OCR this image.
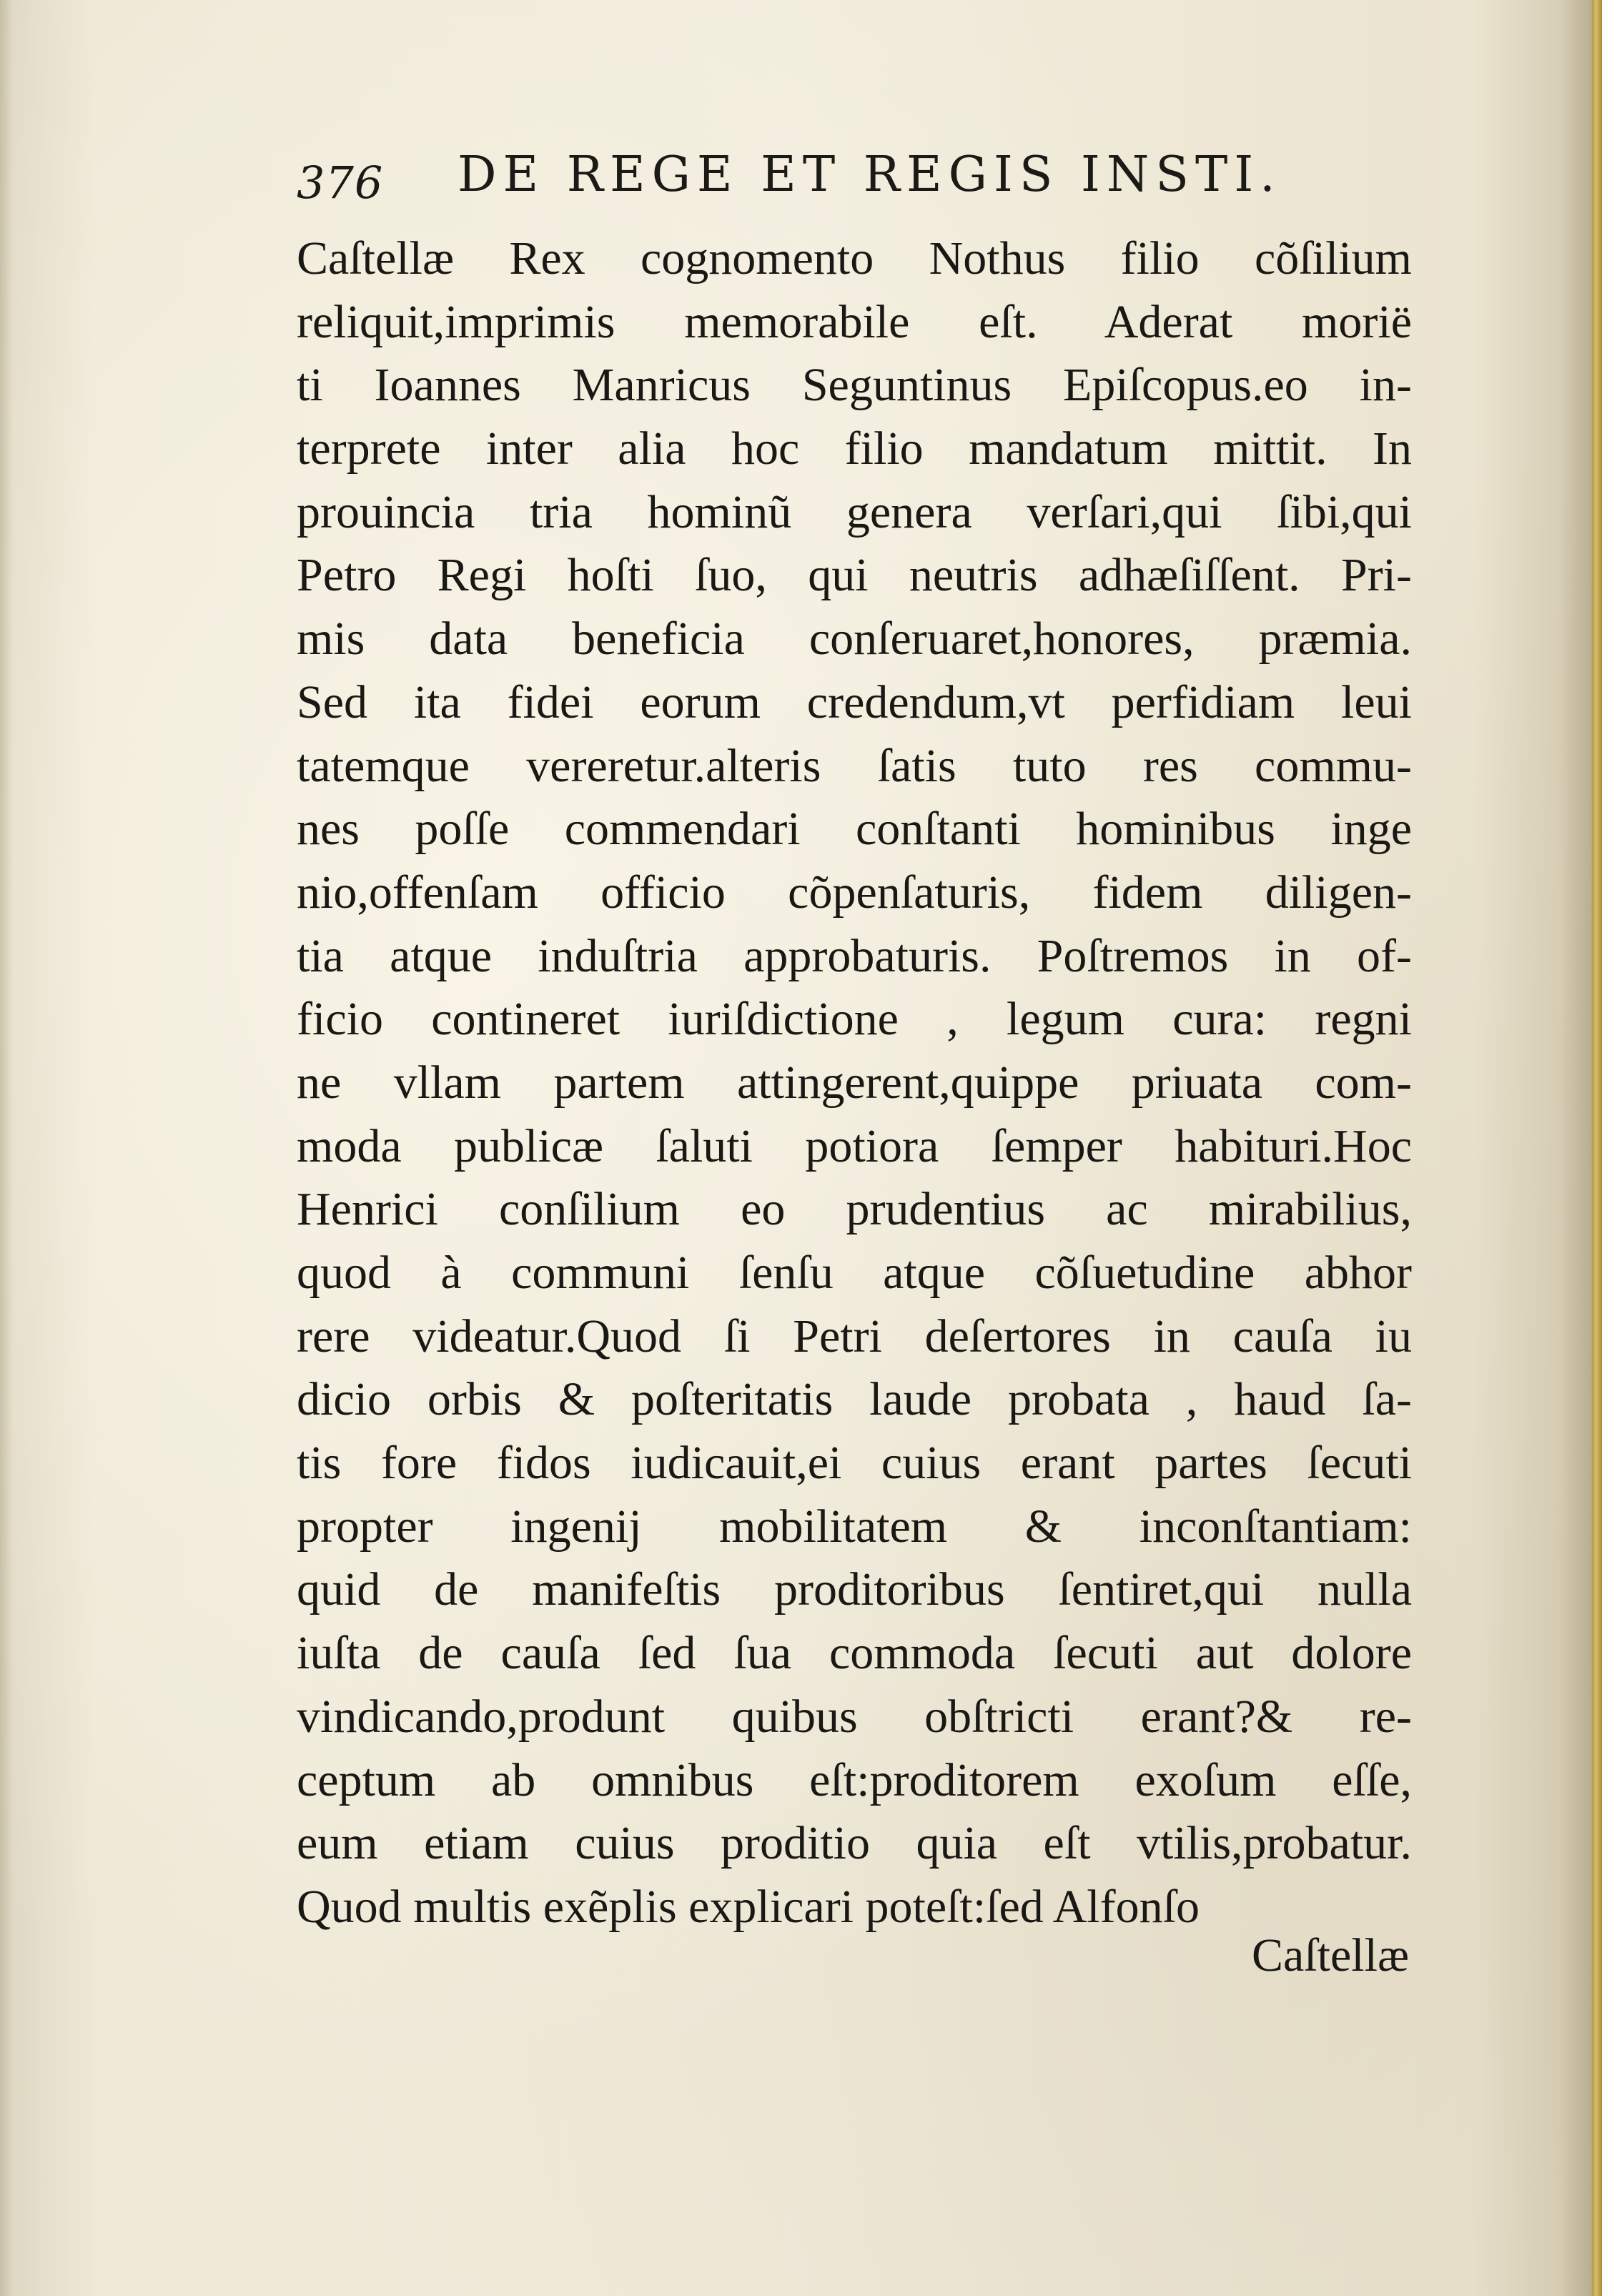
376 DE REGE ET REGIS INSTI.
Caſtellæ Rex cognomento Nothus filio cõſilium
reliquit,imprimis memorabile eſt. Aderat morië
ti Ioannes Manricus Seguntinus Epiſcopus.eo in-
terprete inter alia hoc filio mandatum mittit. In
prouincia tria hominũ genera verſari,qui ſibi,qui
Petro Regi hoſti ſuo, qui neutris adhæſiſſent. Pri-
mis data beneficia conſeruaret,honores, præmia.
Sed ita fidei eorum credendum,vt perfidiam leui
tatemque vereretur.alteris ſatis tuto res commu-
nes poſſe commendari conſtanti hominibus inge
nio,offenſam officio cõpenſaturis, fidem diligen-
tia atque induſtria approbaturis. Poſtremos in of-
ficio contineret iuriſdictione , legum cura: regni
ne vllam partem attingerent,quippe priuata com-
moda publicæ ſaluti potiora ſemper habituri.Hoc
Henrici conſilium eo prudentius ac mirabilius,
quod à communi ſenſu atque cõſuetudine abhor
rere videatur.Quod ſi Petri deſertores in cauſa iu
dicio orbis & poſteritatis laude probata , haud ſa-
tis fore fidos iudicauit,ei cuius erant partes ſecuti
propter ingenij mobilitatem & inconſtantiam:
quid de manifeſtis proditoribus ſentiret,qui nulla
iuſta de cauſa ſed ſua commoda ſecuti aut dolore
vindicando,produnt quibus obſtricti erant?& re-
ceptum ab omnibus eſt:proditorem exoſum eſſe,
eum etiam cuius proditio quia eſt vtilis,probatur.
Quod multis exẽplis explicari poteſt:ſed Alfonſo
Caſtellæ
